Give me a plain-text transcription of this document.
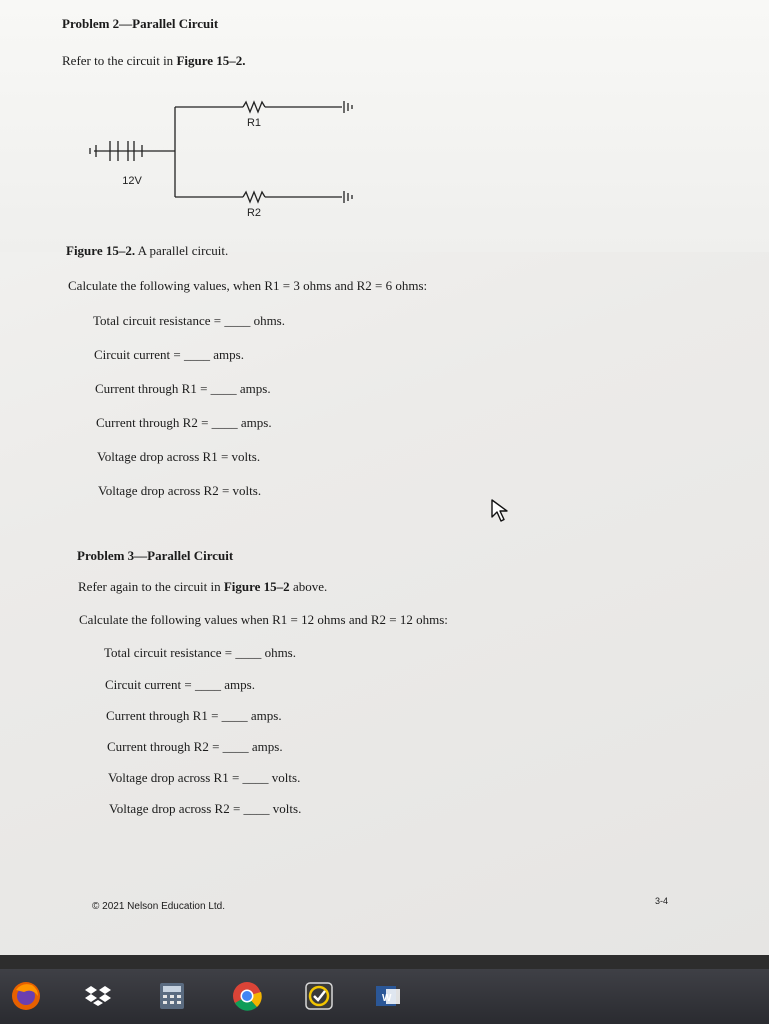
Problem 2—Parallel Circuit
Refer to the circuit in Figure 15–2.
R1
R2
12V
Figure 15–2. A parallel circuit.
Calculate the following values, when R1 = 3 ohms and R2 = 6 ohms:
Total circuit resistance = ____ ohms.
Circuit current = ____ amps.
Current through R1 = ____ amps.
Current through R2 = ____ amps.
Voltage drop across R1 = volts.
Voltage drop across R2 = volts.
Problem 3—Parallel Circuit
Refer again to the circuit in Figure 15–2 above.
Calculate the following values when R1 = 12 ohms and R2 = 12 ohms:
Total circuit resistance = ____ ohms.
Circuit current = ____ amps.
Current through R1 = ____ amps.
Current through R2 = ____ amps.
Voltage drop across R1 = ____ volts.
Voltage drop across R2 = ____ volts.
© 2021 Nelson Education Ltd.	3-4
W
